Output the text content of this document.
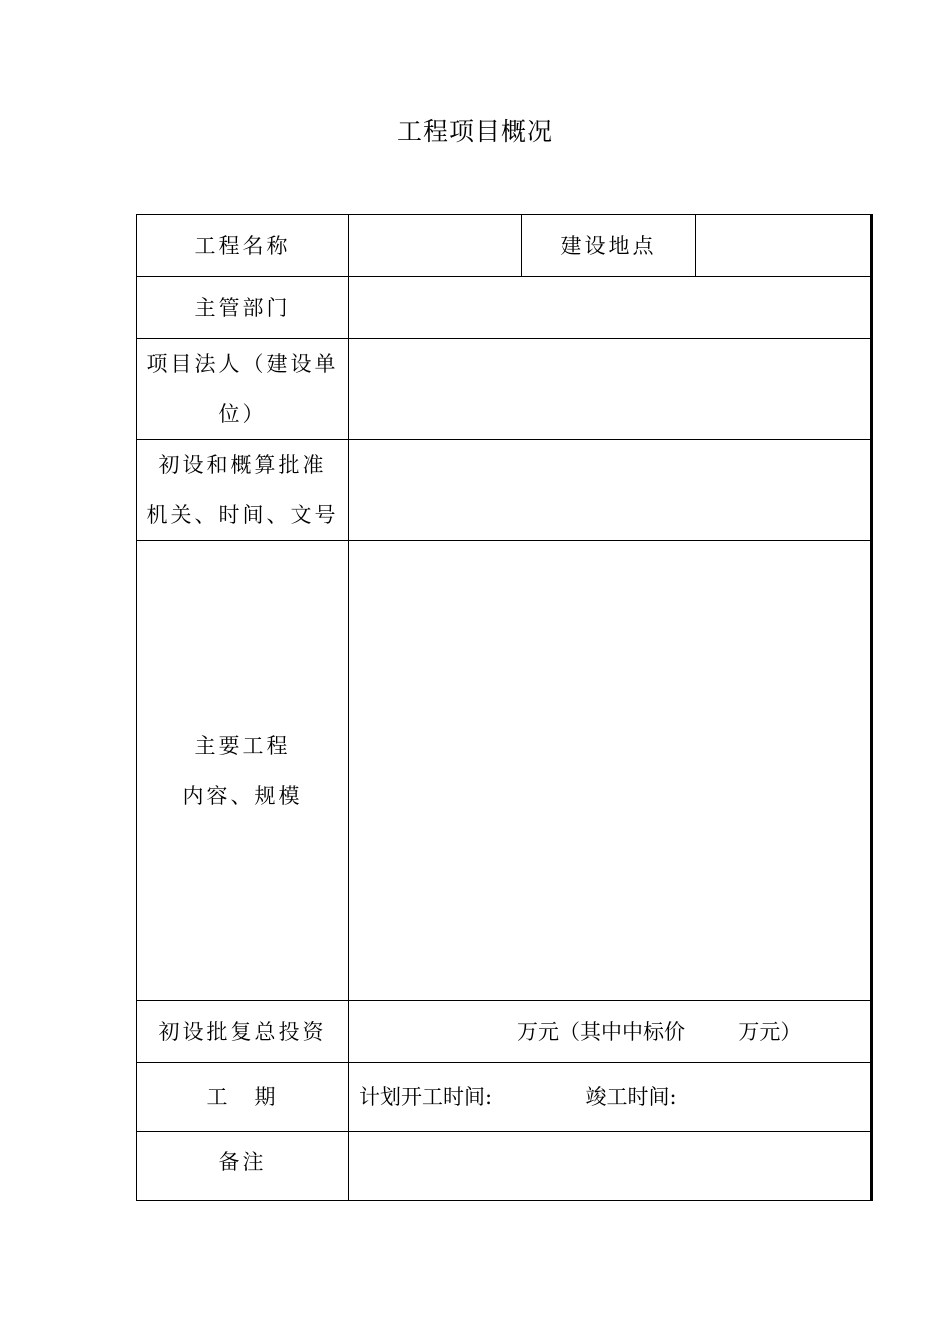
工程项目概况
工程名称		建设地点	
主管部门			

项目法人（建设单
位）			

初设和概算批准
机关、时间、文号			

主要工程
内容、规模			

初设批复总投资	万元（其中中标价        万元）		
工　期	计划开工时间:              竣工时间:		
备注			
